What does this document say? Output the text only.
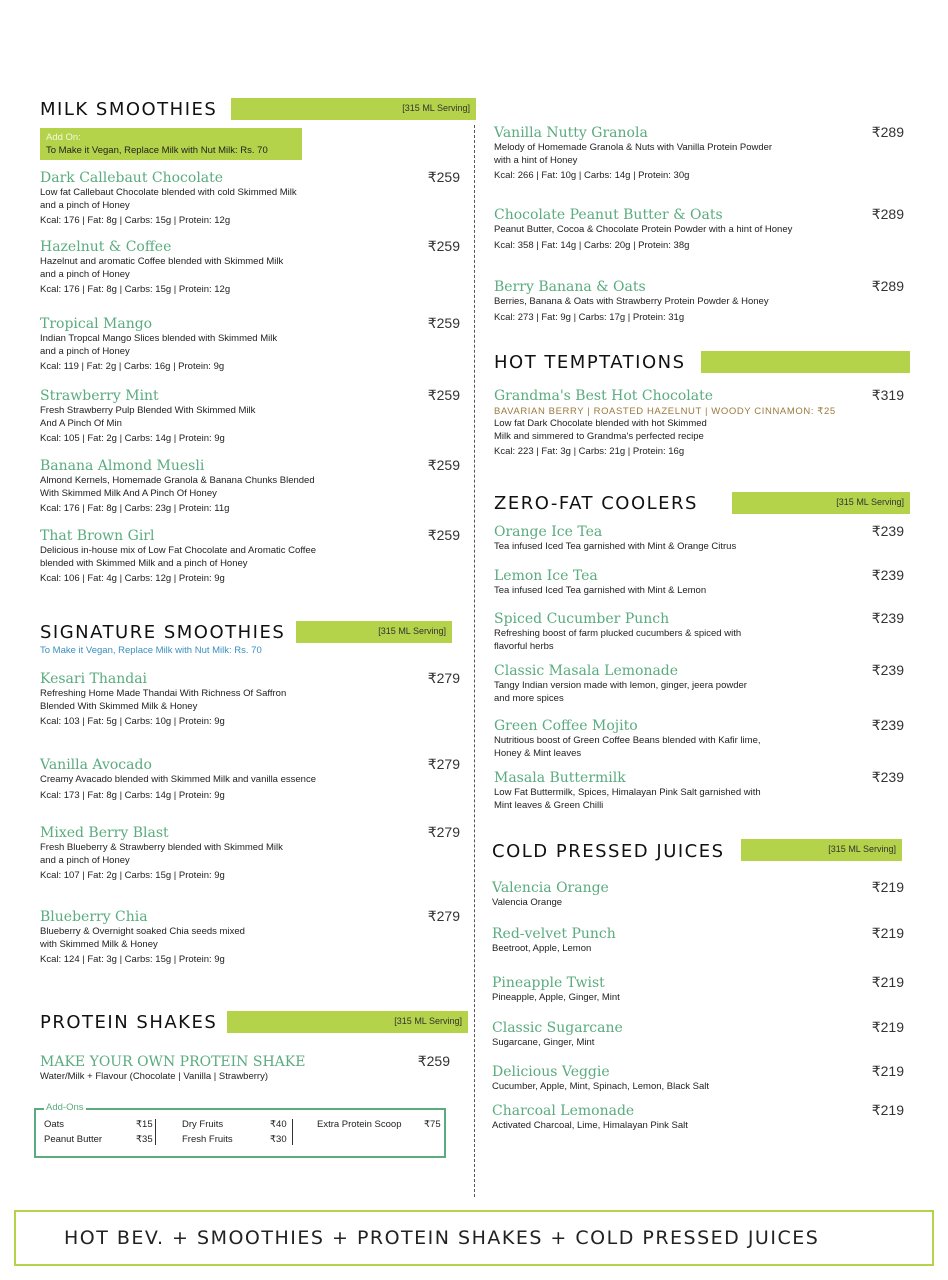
MILK SMOOTHIES	[315 ML Serving]
Add On:
To Make it Vegan, Replace Milk with Nut Milk: Rs. 70
SIGNATURE SMOOTHIES	[315 ML Serving]
To Make it Vegan, Replace Milk with Nut Milk: Rs. 70
PROTEIN SHAKES	[315 ML Serving]
Add-Ons
Oats	₹15
Peanut Butter	₹35
Dry Fruits	₹40
Fresh Fruits	₹30
Extra Protein Scoop ₹75
HOT TEMPTATIONS
ZERO-FAT COOLERS	[315 ML Serving]
COLD PRESSED JUICES	[315 ML Serving]
HOT BEV. + SMOOTHIES + PROTEIN SHAKES + COLD PRESSED JUICES
Dark Callebaut Chocolate	₹259
Low fat Callebaut Chocolate blended with cold Skimmed Milk
and a pinch of Honey
Kcal: 176 | Fat: 8g | Carbs: 15g | Protein: 12g
Hazelnut & Coffee	₹259
Hazelnut and aromatic Coffee blended with Skimmed Milk
and a pinch of Honey
Kcal: 176 | Fat: 8g | Carbs: 15g | Protein: 12g
Tropical Mango	₹259
Indian Tropcal Mango Slices blended with Skimmed Milk
and a pinch of Honey
Kcal: 119 | Fat: 2g | Carbs: 16g | Protein: 9g
Strawberry Mint	₹259
Fresh Strawberry Pulp Blended With Skimmed Milk
And A Pinch Of Min
Kcal: 105 | Fat: 2g | Carbs: 14g | Protein: 9g
Banana Almond Muesli	₹259
Almond Kernels, Homemade Granola & Banana Chunks Blended
With Skimmed Milk And A Pinch Of Honey
Kcal: 176 | Fat: 8g | Carbs: 23g | Protein: 11g
That Brown Girl	₹259
Delicious in-house mix of Low Fat Chocolate and Aromatic Coffee
blended with Skimmed Milk and a pinch of Honey
Kcal: 106 | Fat: 4g | Carbs: 12g | Protein: 9g
Kesari Thandai	₹279
Refreshing Home Made Thandai With Richness Of Saffron
Blended With Skimmed Milk & Honey
Kcal: 103 | Fat: 5g | Carbs: 10g | Protein: 9g
Vanilla Avocado	₹279
Creamy Avacado blended with Skimmed Milk and vanilla essence
Kcal: 173 | Fat: 8g | Carbs: 14g | Protein: 9g
Mixed Berry Blast	₹279
Fresh Blueberry & Strawberry blended with Skimmed Milk
and a pinch of Honey
Kcal: 107 | Fat: 2g | Carbs: 15g | Protein: 9g
Blueberry Chia	₹279
Blueberry & Overnight soaked Chia seeds mixed
with Skimmed Milk & Honey
Kcal: 124 | Fat: 3g | Carbs: 15g | Protein: 9g
MAKE YOUR OWN PROTEIN SHAKE	₹259
Water/Milk + Flavour (Chocolate | Vanilla | Strawberry)
Vanilla Nutty Granola	₹289
Melody of Homemade Granola & Nuts with Vanilla Protein Powder
with a hint of Honey
Kcal: 266 | Fat: 10g | Carbs: 14g | Protein: 30g
Chocolate Peanut Butter & Oats	₹289
Peanut Butter, Cocoa & Chocolate Protein Powder with a hint of Honey
Kcal: 358 | Fat: 14g | Carbs: 20g | Protein: 38g
Berry Banana & Oats	₹289
Berries, Banana & Oats with Strawberry Protein Powder & Honey
Kcal: 273 | Fat: 9g | Carbs: 17g | Protein: 31g
Grandma's Best Hot Chocolate	₹319
BAVARIAN BERRY | ROASTED HAZELNUT | WOODY CINNAMON: ₹25
Low fat Dark Chocolate blended with hot Skimmed
Milk and simmered to Grandma's perfected recipe
Kcal: 223 | Fat: 3g | Carbs: 21g | Protein: 16g
Orange Ice Tea	₹239
Tea infused Iced Tea garnished with Mint & Orange Citrus
Lemon Ice Tea	₹239
Tea infused Iced Tea garnished with Mint & Lemon
Spiced Cucumber Punch	₹239
Refreshing boost of farm plucked cucumbers & spiced with
flavorful herbs
Classic Masala Lemonade	₹239
Tangy Indian version made with lemon, ginger, jeera powder
and more spices
Green Coffee Mojito	₹239
Nutritious boost of Green Coffee Beans blended with Kafir lime,
Honey & Mint leaves
Masala Buttermilk	₹239
Low Fat Buttermilk, Spices, Himalayan Pink Salt garnished with
Mint leaves & Green Chilli
Valencia Orange	₹219
Valencia Orange
Red-velvet Punch	₹219
Beetroot, Apple, Lemon
Pineapple Twist	₹219
Pineapple, Apple, Ginger, Mint
Classic Sugarcane	₹219
Sugarcane, Ginger, Mint
Delicious Veggie	₹219
Cucumber, Apple, Mint, Spinach, Lemon, Black Salt
Charcoal Lemonade	₹219
Activated Charcoal, Lime, Himalayan Pink Salt
